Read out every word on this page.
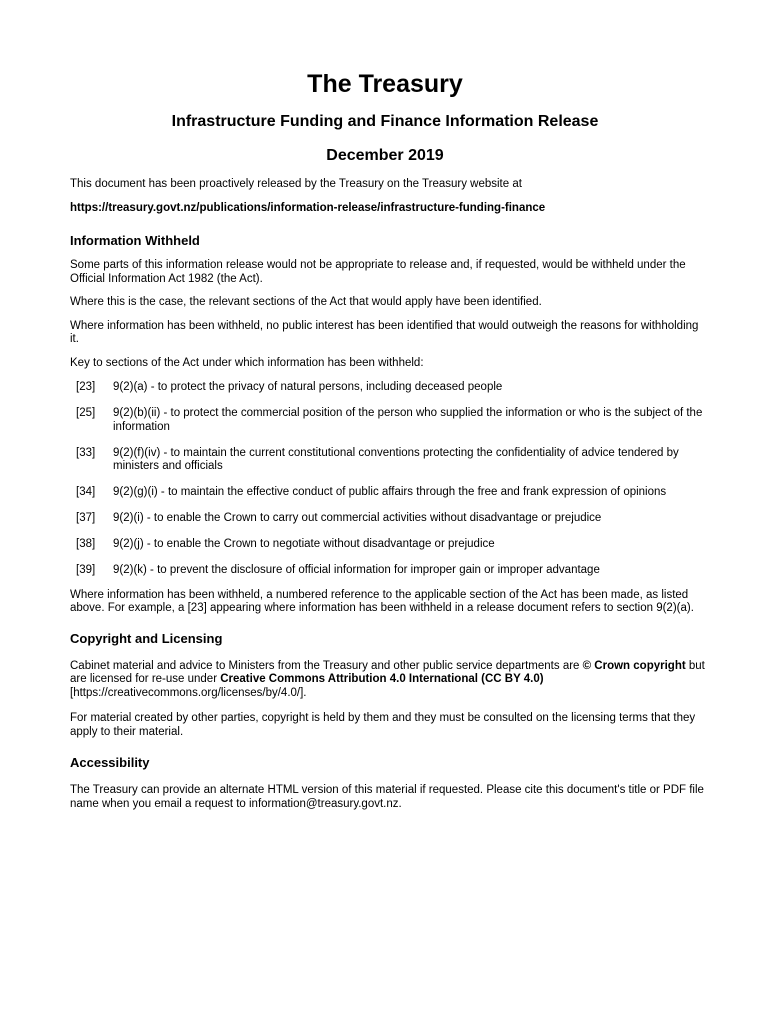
The Treasury
Infrastructure Funding and Finance Information Release
December 2019

This document has been proactively released by the Treasury on the Treasury website at

https://treasury.govt.nz/publications/information-release/infrastructure-funding-finance

Information Withheld

Some parts of this information release would not be appropriate to release and, if requested, would be withheld under the Official Information Act 1982 (the Act).

Where this is the case, the relevant sections of the Act that would apply have been identified.

Where information has been withheld, no public interest has been identified that would outweigh the reasons for withholding it.

Key to sections of the Act under which information has been withheld:

[23]	9(2)(a) - to protect the privacy of natural persons, including deceased people
[25]	9(2)(b)(ii) - to protect the commercial position of the person who supplied the information or who is the subject of the information
[33]	9(2)(f)(iv) - to maintain the current constitutional conventions protecting the confidentiality of advice tendered by ministers and officials
[34]	9(2)(g)(i) - to maintain the effective conduct of public affairs through the free and frank expression of opinions
[37]	9(2)(i) - to enable the Crown to carry out commercial activities without disadvantage or prejudice
[38]	9(2)(j) - to enable the Crown to negotiate without disadvantage or prejudice
[39]	9(2)(k) - to prevent the disclosure of official information for improper gain or improper advantage

Where information has been withheld, a numbered reference to the applicable section of the Act has been made, as listed above. For example, a [23] appearing where information has been withheld in a release document refers to section 9(2)(a).

Copyright and Licensing

Cabinet material and advice to Ministers from the Treasury and other public service departments are © Crown copyright but are licensed for re-use under Creative Commons Attribution 4.0 International (CC BY 4.0) [https://creativecommons.org/licenses/by/4.0/].

For material created by other parties, copyright is held by them and they must be consulted on the licensing terms that they apply to their material.

Accessibility

The Treasury can provide an alternate HTML version of this material if requested. Please cite this document's title or PDF file name when you email a request to information@treasury.govt.nz.
